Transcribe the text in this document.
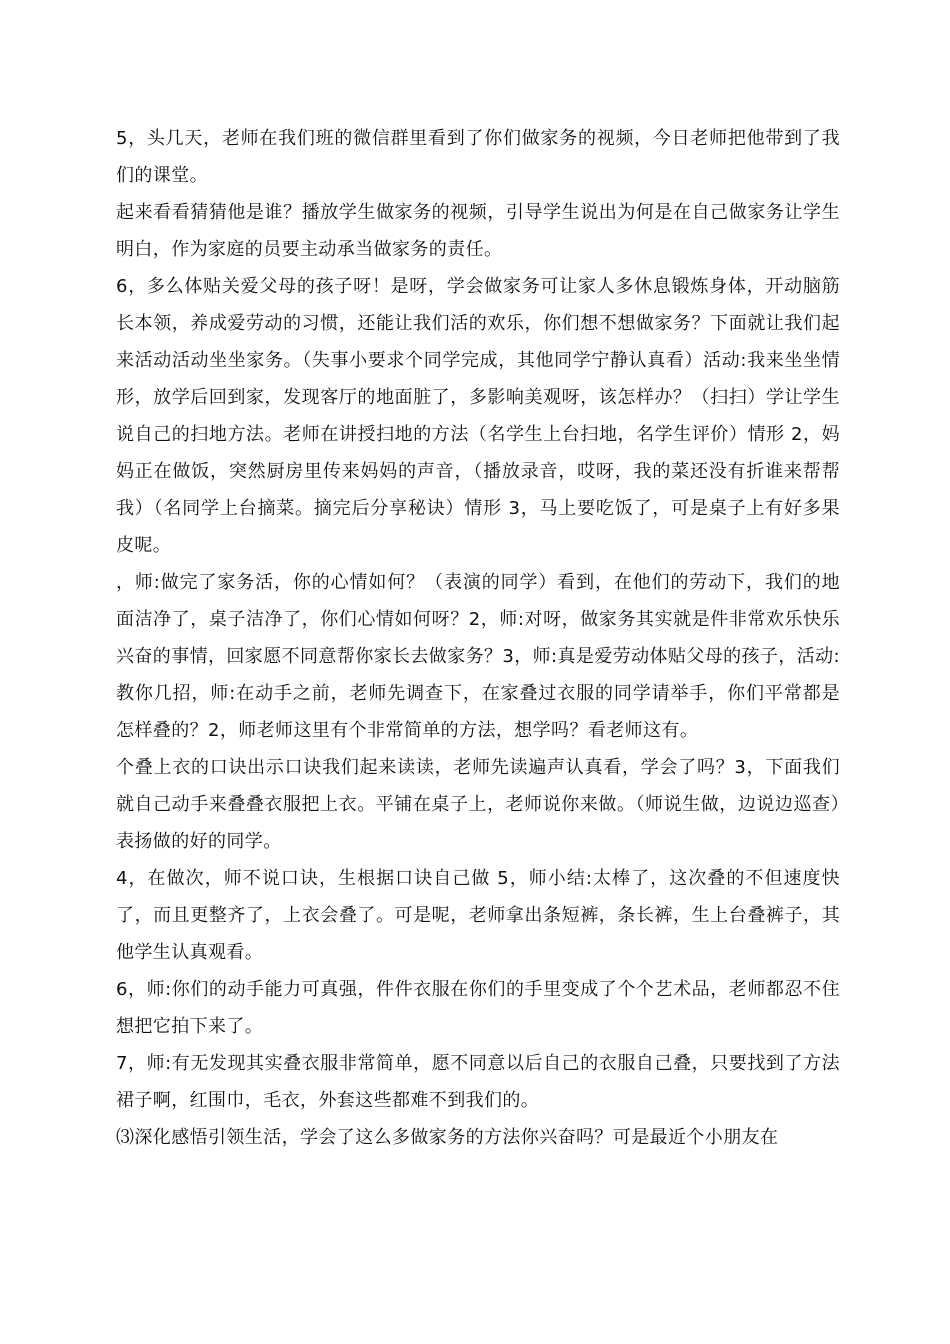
5，头几天，老师在我们班的微信群里看到了你们做家务的视频，今日老师把他带到了我们的课堂。

起来看看猜猜他是谁？播放学生做家务的视频，引导学生说出为何是在自己做家务让学生明白，作为家庭的员要主动承当做家务的责任。

6，多么体贴关爱父母的孩子呀！是呀，学会做家务可让家人多休息锻炼身体，开动脑筋长本领，养成爱劳动的习惯，还能让我们活的欢乐，你们想不想做家务？下面就让我们起来活动活动坐坐家务。（失事小要求个同学完成，其他同学宁静认真看）活动:我来坐坐情形，放学后回到家，发现客厅的地面脏了，多影响美观呀，该怎样办？（扫扫）学让学生说自己的扫地方法。老师在讲授扫地的方法（名学生上台扫地，名学生评价）情形 2，妈妈正在做饭，突然厨房里传来妈妈的声音，（播放录音，哎呀，我的菜还没有折谁来帮帮我）（名同学上台摘菜。摘完后分享秘诀）情形 3，马上要吃饭了，可是桌子上有好多果皮呢。

，师:做完了家务活，你的心情如何？（表演的同学）看到，在他们的劳动下，我们的地面洁净了，桌子洁净了，你们心情如何呀？2，师:对呀，做家务其实就是件非常欢乐快乐兴奋的事情，回家愿不同意帮你家长去做家务？3，师:真是爱劳动体贴父母的孩子，活动:教你几招，师:在动手之前，老师先调查下，在家叠过衣服的同学请举手，你们平常都是怎样叠的？2，师老师这里有个非常简单的方法，想学吗？看老师这有。

个叠上衣的口诀出示口诀我们起来读读，老师先读遍声认真看，学会了吗？3，下面我们就自己动手来叠叠衣服把上衣。平铺在桌子上，老师说你来做。（师说生做，边说边巡查）表扬做的好的同学。

4，在做次，师不说口诀，生根据口诀自己做 5，师小结:太棒了，这次叠的不但速度快了，而且更整齐了，上衣会叠了。可是呢，老师拿出条短裤，条长裤，生上台叠裤子，其他学生认真观看。

6，师:你们的动手能力可真强，件件衣服在你们的手里变成了个个艺术品，老师都忍不住想把它拍下来了。

7，师:有无发现其实叠衣服非常简单，愿不同意以后自己的衣服自己叠，只要找到了方法裙子啊，红围巾，毛衣，外套这些都难不到我们的。

⑶深化感悟引领生活，学会了这么多做家务的方法你兴奋吗？可是最近个小朋友在
